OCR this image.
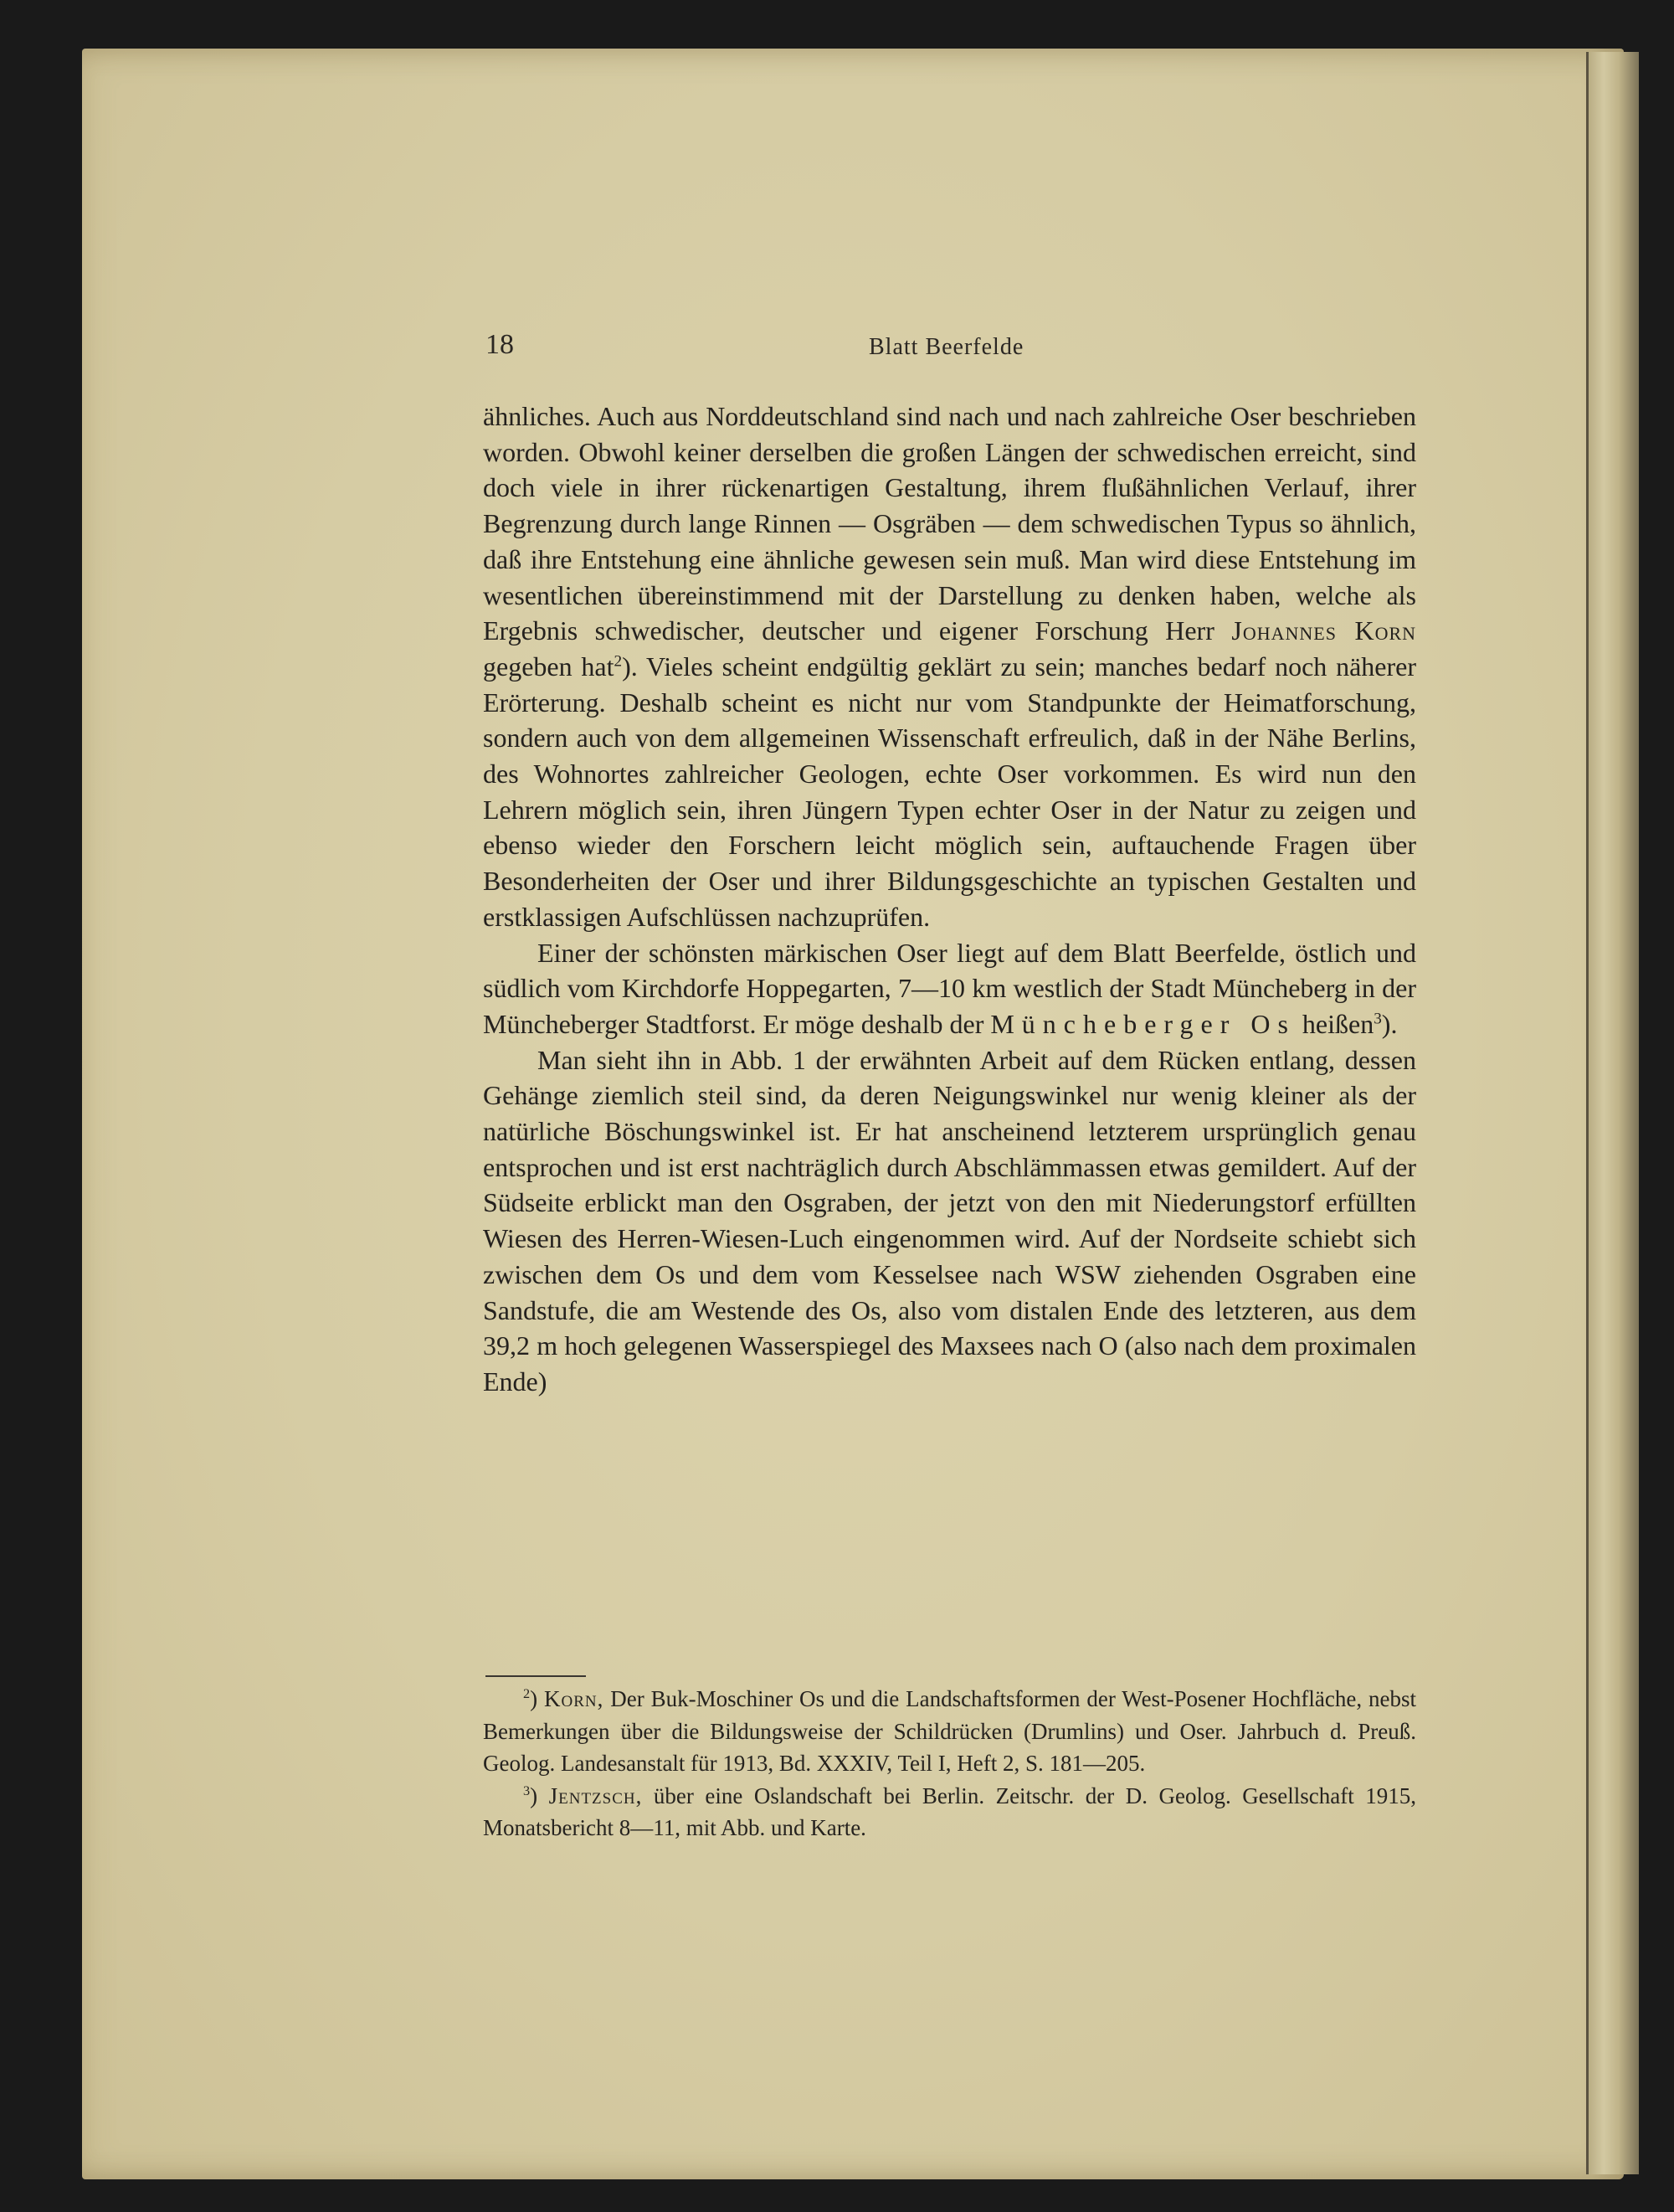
18	Blatt Beerfelde

ähnliches. Auch aus Norddeutschland sind nach und nach zahlreiche Oser beschrieben worden. Obwohl keiner derselben die großen Längen der schwedischen erreicht, sind doch viele in ihrer rückenartigen Gestaltung, ihrem flußähnlichen Verlauf, ihrer Begrenzung durch lange Rinnen — Osgräben — dem schwedischen Typus so ähnlich, daß ihre Entstehung eine ähnliche gewesen sein muß. Man wird diese Entstehung im wesentlichen übereinstimmend mit der Darstellung zu denken haben, welche als Ergebnis schwedischer, deutscher und eigener Forschung Herr Johannes Korn gegeben hat$^2$). Vieles scheint endgültig geklärt zu sein; manches bedarf noch näherer Erörterung. Deshalb scheint es nicht nur vom Standpunkte der Heimatforschung, sondern auch von dem allgemeinen Wissenschaft erfreulich, daß in der Nähe Berlins, des Wohnortes zahlreicher Geologen, echte Oser vorkommen. Es wird nun den Lehrern möglich sein, ihren Jüngern Typen echter Oser in der Natur zu zeigen und ebenso wieder den Forschern leicht möglich sein, auftauchende Fragen über Besonderheiten der Oser und ihrer Bildungsgeschichte an typischen Gestalten und erstklassigen Aufschlüssen nachzuprüfen.

Einer der schönsten märkischen Oser liegt auf dem Blatt Beerfelde, östlich und südlich vom Kirchdorfe Hoppegarten, 7—10 km westlich der Stadt Müncheberg in der Müncheberger Stadtforst. Er möge deshalb der Müncheberger Os heißen$^3$).

Man sieht ihn in Abb. 1 der erwähnten Arbeit auf dem Rücken entlang, dessen Gehänge ziemlich steil sind, da deren Neigungswinkel nur wenig kleiner als der natürliche Böschungswinkel ist. Er hat anscheinend letzterem ursprünglich genau entsprochen und ist erst nachträglich durch Abschlämmassen etwas gemildert. Auf der Südseite erblickt man den Osgraben, der jetzt von den mit Niederungstorf erfüllten Wiesen des Herren-Wiesen-Luch eingenommen wird. Auf der Nordseite schiebt sich zwischen dem Os und dem vom Kesselsee nach WSW ziehenden Osgraben eine Sandstufe, die am Westende des Os, also vom distalen Ende des letzteren, aus dem 39,2 m hoch gelegenen Wasserspiegel des Maxsees nach O (also nach dem proximalen Ende)

$^2$) Korn, Der Buk-Moschiner Os und die Landschaftsformen der West-Posener Hochfläche, nebst Bemerkungen über die Bildungsweise der Schildrücken (Drumlins) und Oser. Jahrbuch d. Preuß. Geolog. Landesanstalt für 1913, Bd. XXXIV, Teil I, Heft 2, S. 181—205.

$^3$) Jentzsch, über eine Oslandschaft bei Berlin. Zeitschr. der D. Geolog. Gesellschaft 1915, Monatsbericht 8—11, mit Abb. und Karte.
